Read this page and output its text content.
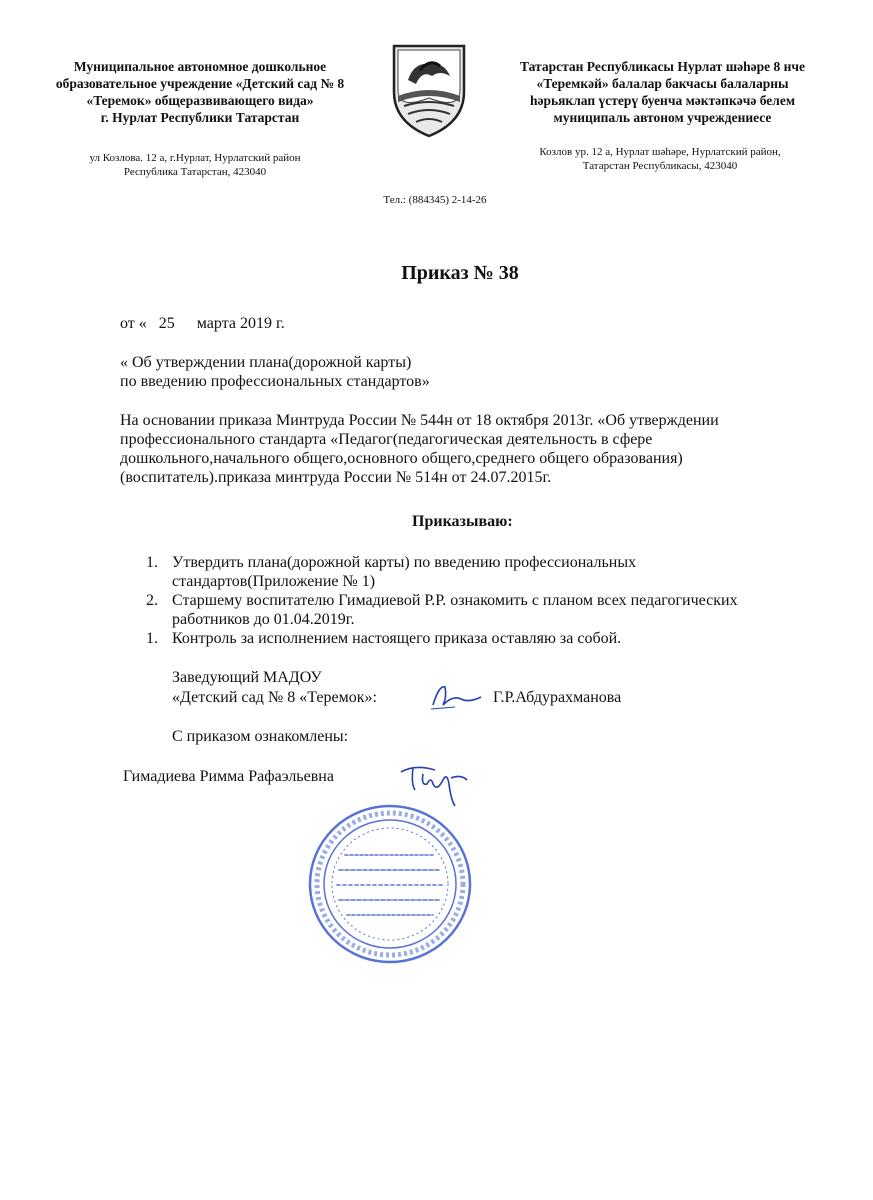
Муниципальное автономное дошкольное
образовательное учреждение «Детский сад № 8
«Теремок» общеразвивающего вида»
г. Нурлат Республики Татарстан
ул Козлова. 12 а, г.Нурлат, Нурлатский район
Республика Татарстан, 423040
Татарстан Республикасы Нурлат шәһәре 8 нче
«Теремкәй» балалар бакчасы балаларны
һәрьяклап үстерү буенча мәктәпкәчә белем
муниципаль автоном учреждениесе
Козлов ур. 12 а, Нурлат шәһәре, Нурлатский район,
Татарстан Республикасы, 423040
Тел.: (884345) 2-14-26
Приказ № 38
от « 25 марта 2019 г.
« Об утверждении плана(дорожной карты)
по введению профессиональных стандартов»
На основании приказа Минтруда России № 544н от 18 октября 2013г. «Об утверждении
профессионального стандарта «Педагог(педагогическая деятельность в сфере
дошкольного,начального общего,основного общего,среднего общего образования)
(воспитатель).приказа минтруда России № 514н от 24.07.2015г.
Приказываю:
1. Утвердить плана(дорожной карты) по введению профессиональных
стандартов(Приложение № 1)
2. Старшему воспитателю Гимадиевой Р.Р. ознакомить с планом всех педагогических
работников до 01.04.2019г.
1. Контроль за исполнением настоящего приказа оставляю за собой.
Заведующий МАДОУ
«Детский сад № 8 «Теремок»:	Г.Р.Абдурахманова
С приказом ознакомлены:
Гимадиева Римма Рафаэльевна
